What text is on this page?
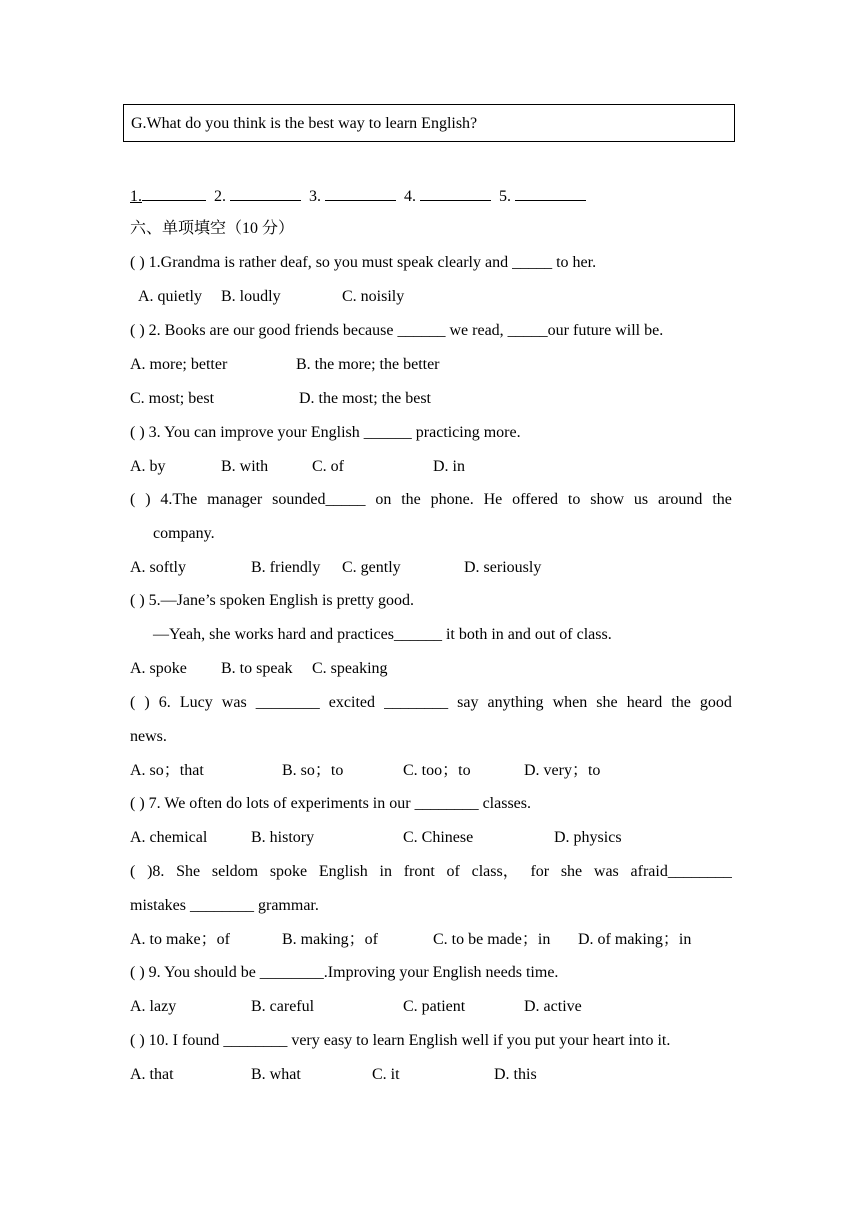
G.What do you think is the best way to learn English?
1.	2.	3.	4.	5.
六、单项填空（10 分）
( ) 1.Grandma is rather deaf, so you must speak clearly and _____ to her.
A. quietly B. loudly	C. noisily
( ) 2. Books are our good friends because ______ we read, _____our future will be.
A. more; better	B. the more; the better
C. most; best	D. the most; the best
( ) 3. You can improve your English ______ practicing more.
A. by	B. with	C. of	D. in
( ) 4.The manager sounded_____ on the phone. He offered to show us around the
company.
A. softly	B. friendly C. gently	D. seriously
( ) 5.—Jane’s spoken English is pretty good.
—Yeah, she works hard and practices______ it both in and out of class.
A. spoke B. to speak C. speaking
( ) 6. Lucy was ________ excited ________ say anything when she heard the good
news.
A. so；that	B. so；to	C. too；to	D. very；to
( ) 7. We often do lots of experiments in our ________ classes.
A. chemical	B. history	C. Chinese	D. physics
( )8. She seldom spoke English in front of class， for she was afraid________
mistakes ________ grammar.
A. to make；of	B. making；of	C. to be made；in D. of making；in
( ) 9. You should be ________.Improving your English needs time.
A. lazy	B. careful	C. patient	D. active
( ) 10. I found ________ very easy to learn English well if you put your heart into it.
A. that	B. what	C. it	D. this
